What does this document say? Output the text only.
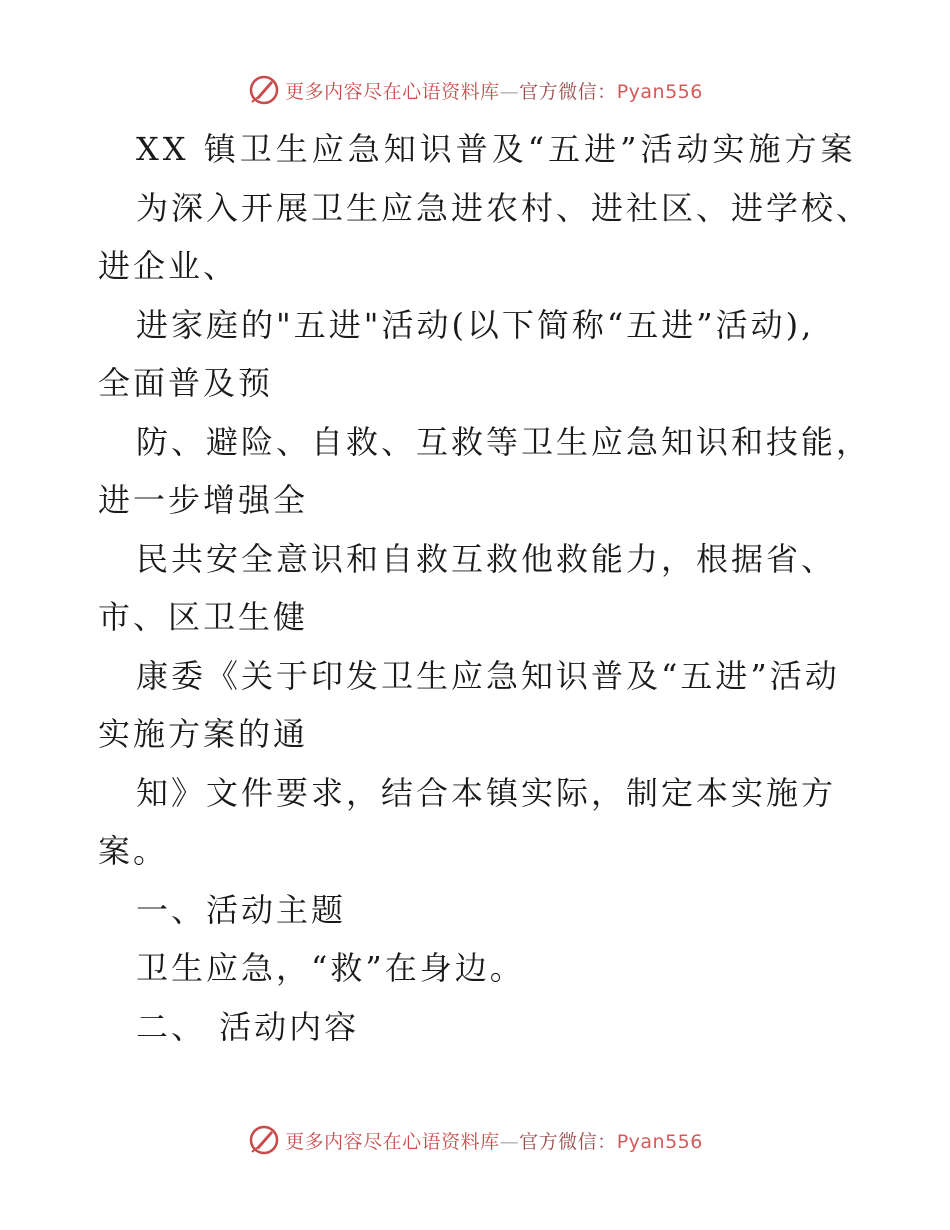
更多内容尽在心语资料库—官方微信：Pyan556
XX 镇卫生应急知识普及“五进”活动实施方案
为深入开展卫生应急进农村、进社区、进学校、
进企业、
进家庭的"五进"活动(以下简称“五进”活动),
全面普及预
防、避险、自救、互救等卫生应急知识和技能，
进一步增强全
民共安全意识和自救互救他救能力，根据省、
市、区卫生健
康委《关于印发卫生应急知识普及“五进”活动
实施方案的通
知》文件要求，结合本镇实际，制定本实施方
案。
一、活动主题
卫生应急，“救”在身边。
二、 活动内容
更多内容尽在心语资料库—官方微信：Pyan556
